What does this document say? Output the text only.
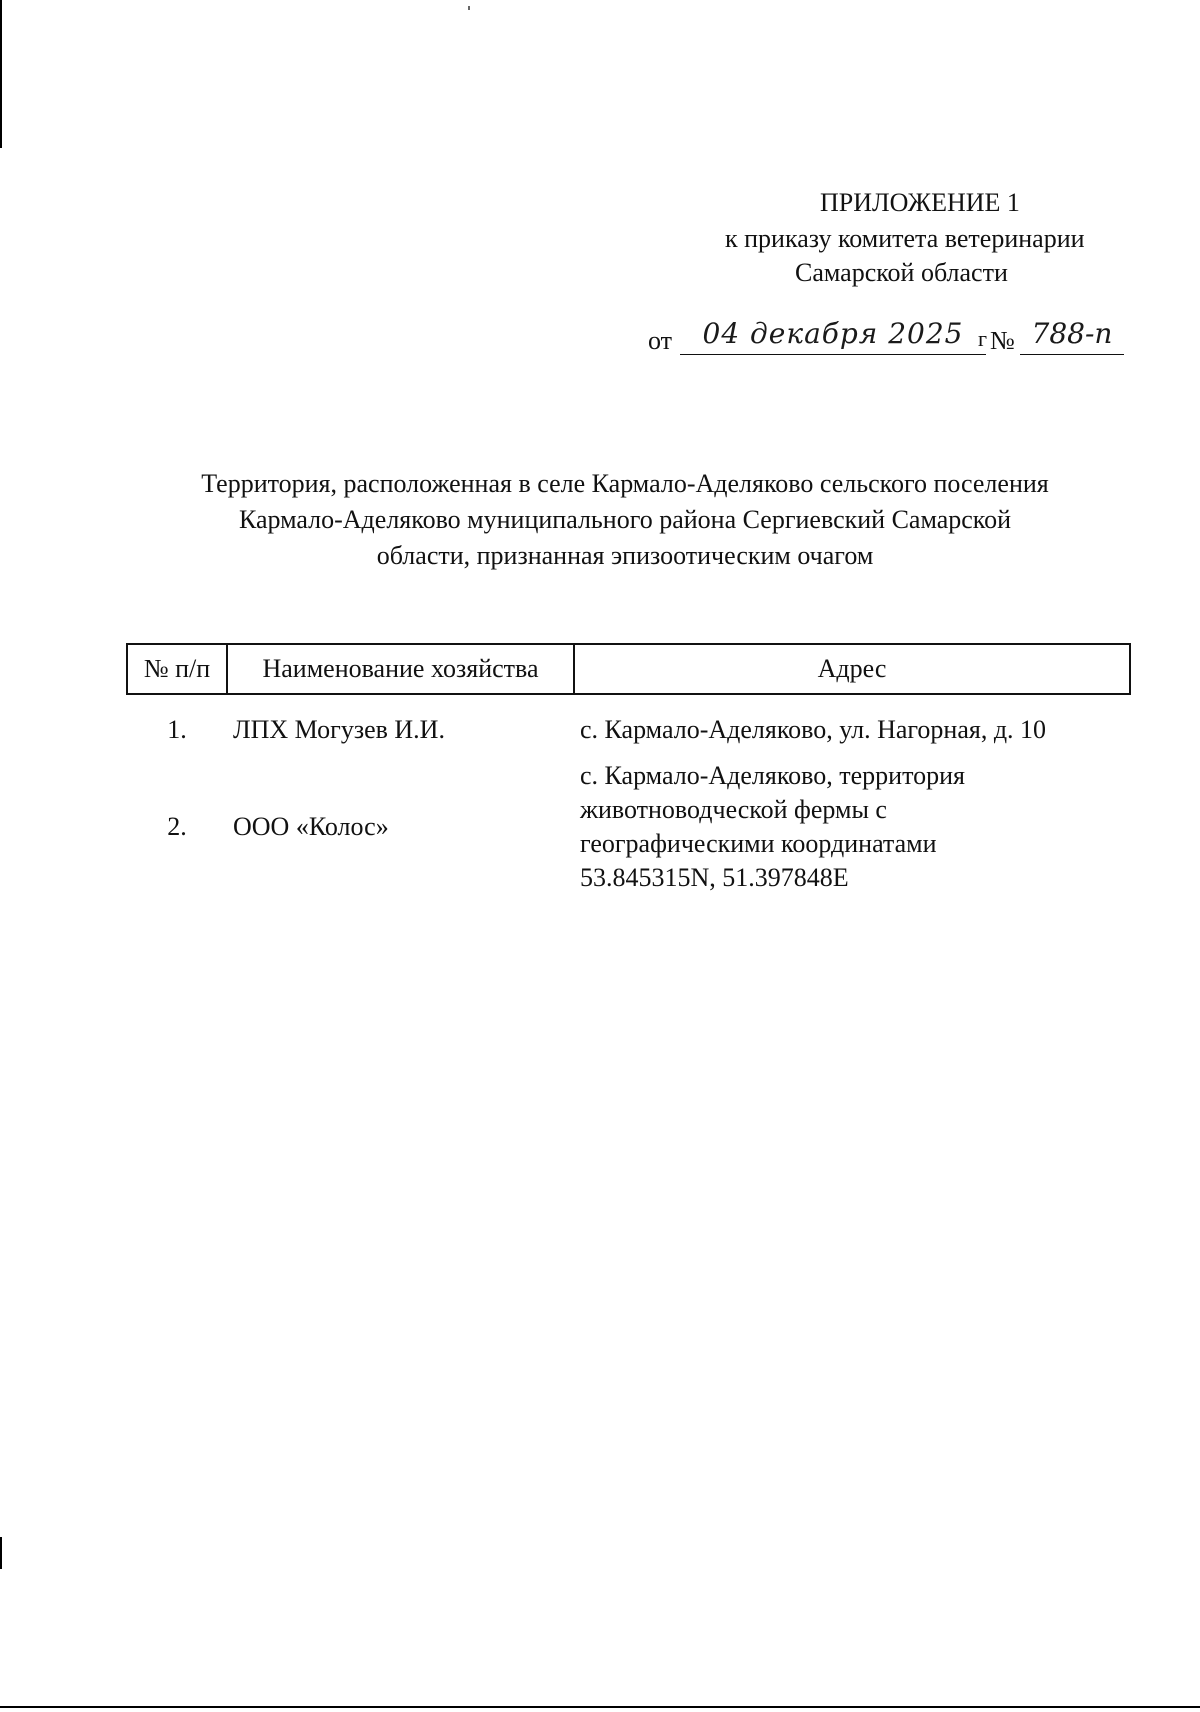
ПРИЛОЖЕНИЕ 1
к приказу комитета ветеринарии
Самарской области
от	04 декабря 2025 г № 788-п
Территория, расположенная в селе Кармало-Аделяково сельского поселения
Кармало-Аделяково муниципального района Сергиевский Самарской
области, признанная эпизоотическим очагом
№ п/п	Наименование хозяйства	Адрес
1.	ЛПХ Могузев И.И.	с. Кармало-Аделяково, ул. Нагорная, д. 10

2.	ООО «Колос»	с. Кармало-Аделяково, территория
животноводческой фермы с
географическими координатами
53.845315N, 51.397848E
